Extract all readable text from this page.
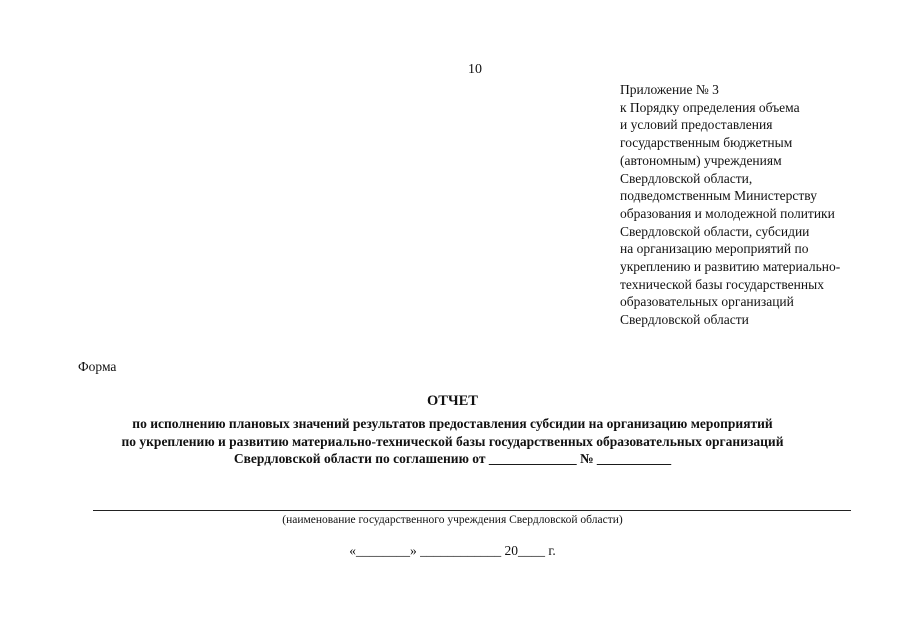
10
Приложение № 3
к Порядку определения объема
и условий предоставления
государственным бюджетным
(автономным) учреждениям
Свердловской области,
подведомственным Министерству
образования и молодежной политики
Свердловской области, субсидии
на организацию мероприятий по
укреплению и развитию материально-
технической базы государственных
образовательных организаций
Свердловской области
Форма
ОТЧЕТ
по исполнению плановых значений результатов предоставления субсидии на организацию мероприятий
по укреплению и развитию материально-технической базы государственных образовательных организаций
Свердловской области по соглашению от _____________ № ___________
(наименование государственного учреждения Свердловской области)
«________» ____________ 20____ г.
